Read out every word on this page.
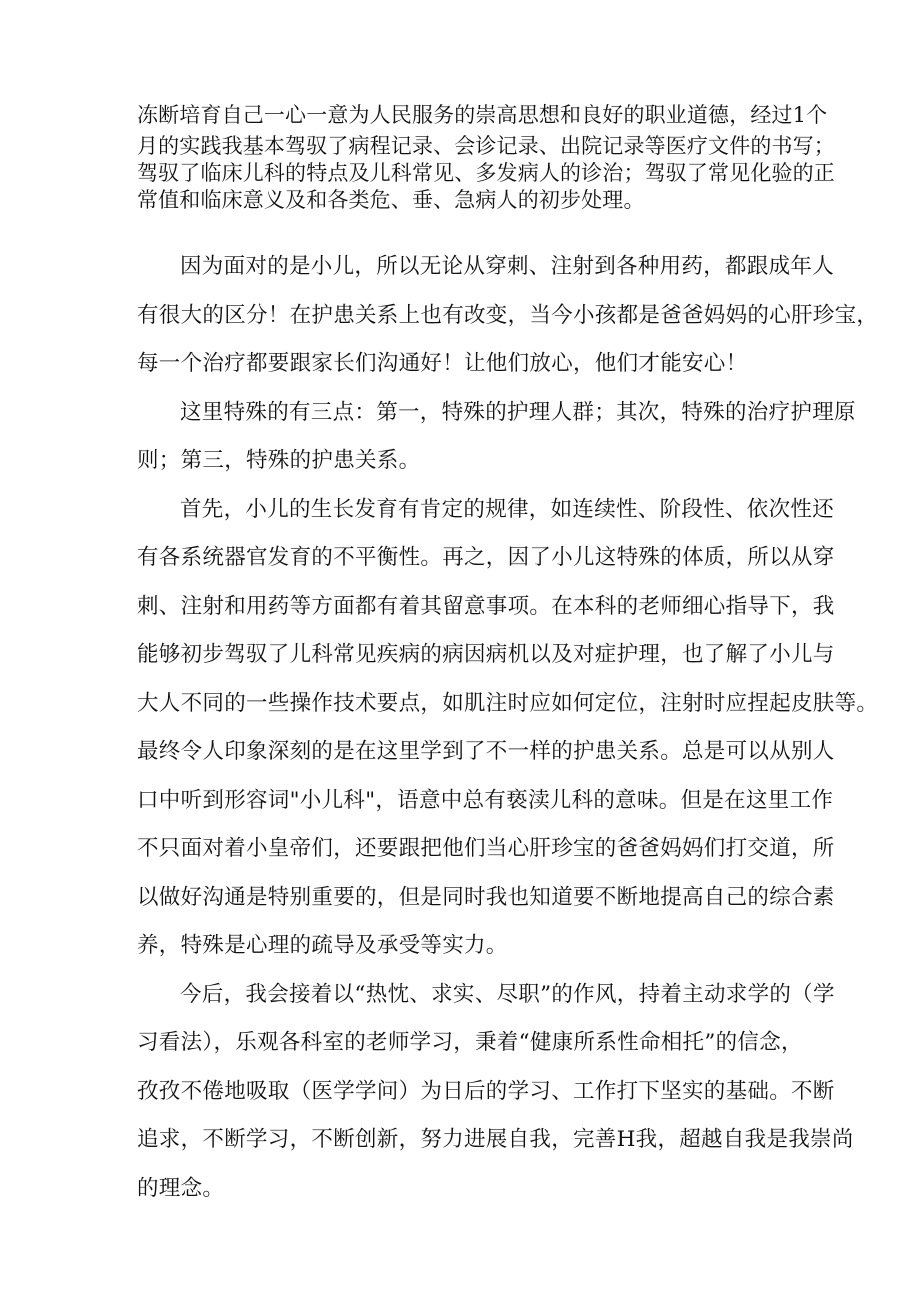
冻断培育自己一心一意为人民服务的崇高思想和良好的职业道德，经过1个
月的实践我基本驾驭了病程记录、会诊记录、出院记录等医疗文件的书写；
驾驭了临床儿科的特点及儿科常见、多发病人的诊治；驾驭了常见化验的正
常值和临床意义及和各类危、垂、急病人的初步处理。
因为面对的是小儿，所以无论从穿刺、注射到各种用药，都跟成年人
有很大的区分！在护患关系上也有改变，当今小孩都是爸爸妈妈的心肝珍宝，
每一个治疗都要跟家长们沟通好！让他们放心，他们才能安心！
这里特殊的有三点：第一，特殊的护理人群；其次，特殊的治疗护理原
则；第三，特殊的护患关系。
首先，小儿的生长发育有肯定的规律，如连续性、阶段性、依次性还
有各系统器官发育的不平衡性。再之，因了小儿这特殊的体质，所以从穿
刺、注射和用药等方面都有着其留意事项。在本科的老师细心指导下，我
能够初步驾驭了儿科常见疾病的病因病机以及对症护理，也了解了小儿与
大人不同的一些操作技术要点，如肌注时应如何定位，注射时应捏起皮肤等。
最终令人印象深刻的是在这里学到了不一样的护患关系。总是可以从别人
口中听到形容词"小儿科"，语意中总有亵渎儿科的意味。但是在这里工作
不只面对着小皇帝们，还要跟把他们当心肝珍宝的爸爸妈妈们打交道，所
以做好沟通是特别重要的，但是同时我也知道要不断地提高自己的综合素
养，特殊是心理的疏导及承受等实力。
今后，我会接着以“热忱、求实、尽职”的作风，持着主动求学的（学
习看法），乐观各科室的老师学习，秉着“健康所系性命相托”的信念，
孜孜不倦地吸取（医学学问）为日后的学习、工作打下坚实的基础。不断
追求，不断学习，不断创新，努力进展自我，完善H我，超越自我是我崇尚
的理念。
